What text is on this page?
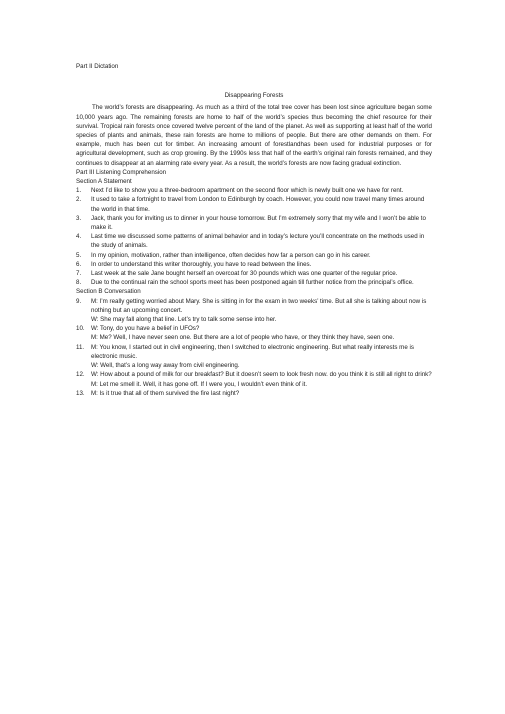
Part II Dictation

Disappearing Forests

The world’s forests are disappearing. As much as a third of the total tree cover has been lost since agriculture began some 10,000 years ago. The remaining forests are home to half of the world’s species thus becoming the chief resource for their survival. Tropical rain forests once covered twelve percent of the land of the planet. As well as supporting at least half of the world species of plants and animals, these rain forests are home to millions of people. But there are other demands on them. For example, much has been cut for timber. An increasing amount of forestlandhas been used for industrial purposes or for agricultural development, such as crop growing. By the 1990s less that half of the earth’s original rain forests remained, and they continues to disappear at an alarming rate every year. As a result, the world’s forests are now facing gradual extinction.

Part III Listening Comprehension

Section A Statement

1. Next I’d like to show you a three-bedroom apartment on the second floor which is newly built one we have for rent.

2. It used to take a fortnight to travel from London to Edinburgh by coach. However, you could now travel many times around the world in that time.

3. Jack, thank you for inviting us to dinner in your house tomorrow. But I’m extremely sorry that my wife and I won’t be able to make it.

4. Last time we discussed some patterns of animal behavior and in today’s lecture you’ll concentrate on the methods used in the study of animals.

5. In my opinion, motivation, rather than intelligence, often decides how far a person can go in his career.

6. In order to understand this writer thoroughly, you have to read between the lines.

7. Last week at the sale Jane bought herself an overcoat for 30 pounds which was one quarter of the regular price.

8. Due to the continual rain the school sports meet has been postponed again till further notice from the principal’s office.

Section B Conversation

9. M: I’m really getting worried about Mary. She is sitting in for the exam in two weeks’ time. But all she is talking about now is nothing but an upcoming concert.

W: She may fall along that line. Let’s try to talk some sense into her.

10. W: Tony, do you have a belief in UFOs?

M: Me? Well, I have never seen one. But there are a lot of people who have, or they think they have, seen one.

11. M: You know, I started out in civil engineering, then I switched to electronic engineering. But what really interests me is electronic music.

W: Well, that’s a long way away from civil engineering.

12. W: How about a pound of milk for our breakfast? But it doesn’t seem to look fresh now. do you think it is still all right to drink?

M: Let me smell it. Well, it has gone off. If I were you, I wouldn’t even think of it.

13. M: Is it true that all of them survived the fire last night?
